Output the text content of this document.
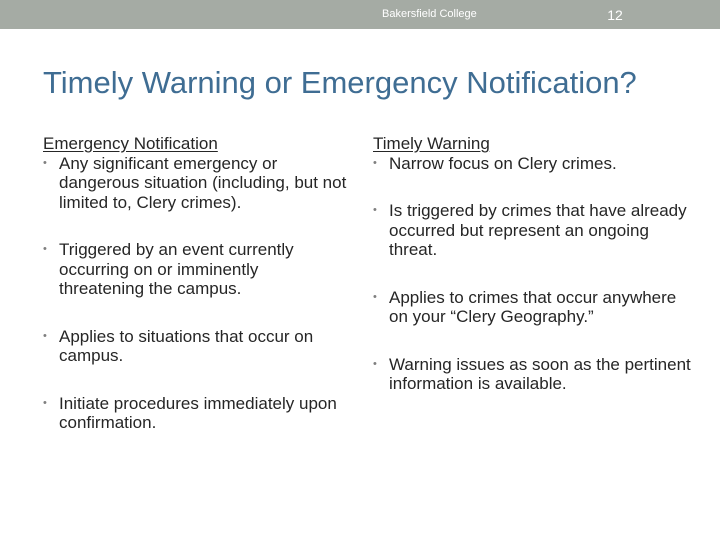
Bakersfield College	12
Timely Warning or Emergency Notification?
Emergency Notification
• Any significant emergency or dangerous situation (including, but not limited to, Clery crimes).
• Triggered by an event currently occurring on or imminently threatening the campus.
• Applies to situations that occur on campus.
• Initiate procedures immediately upon confirmation.
Timely Warning
• Narrow focus on Clery crimes.
• Is triggered by crimes that have already occurred but represent an ongoing threat.
• Applies to crimes that occur anywhere on your “Clery Geography.”
• Warning issues as soon as the pertinent information is available.
